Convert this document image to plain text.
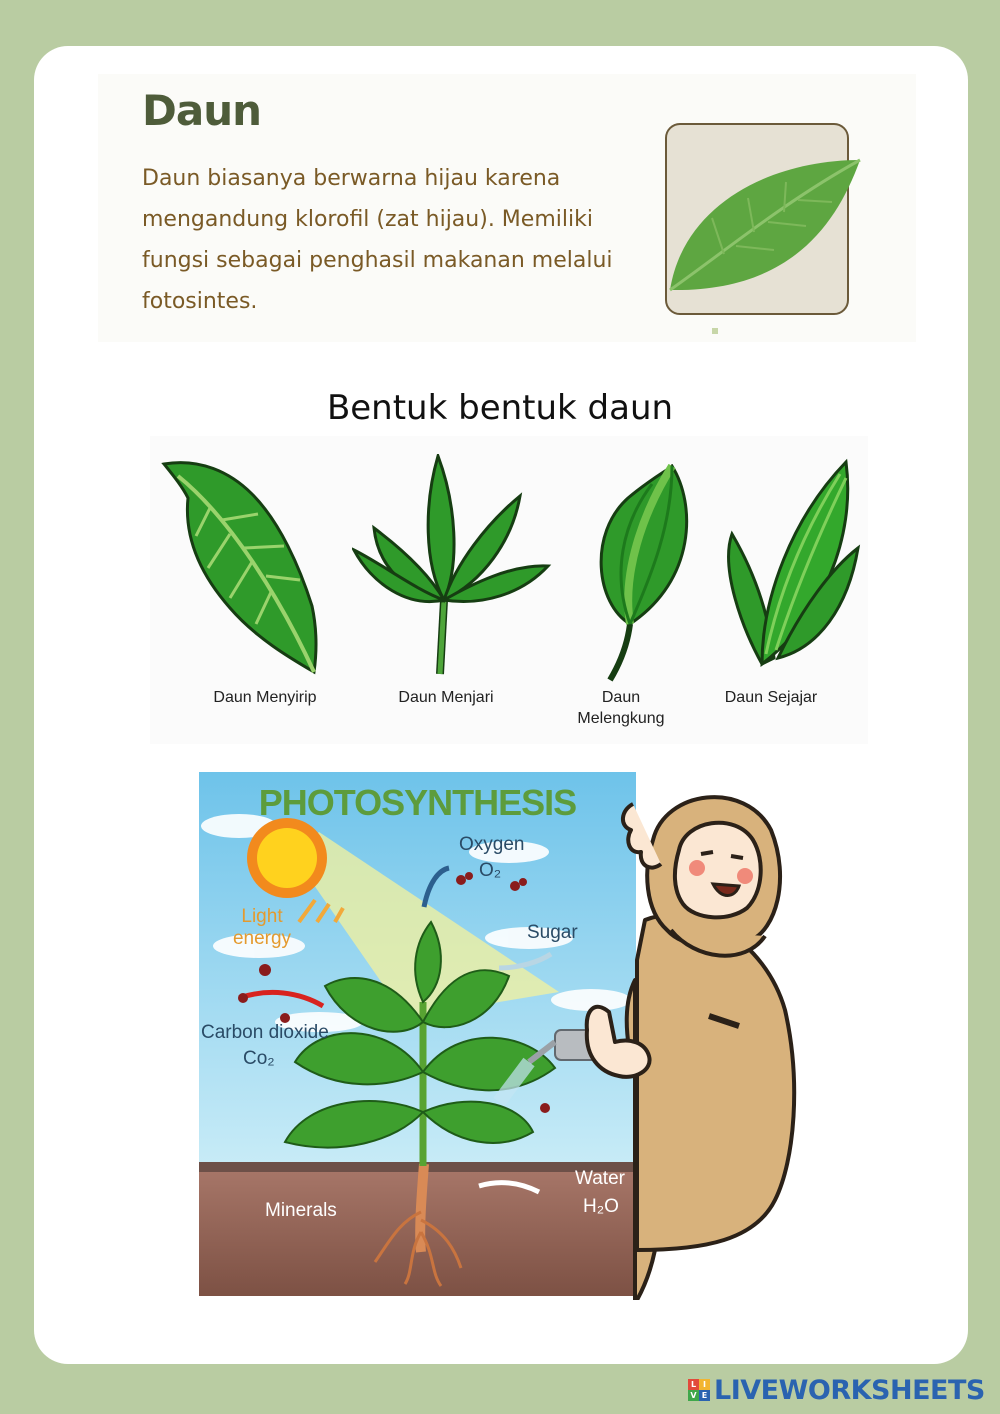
Daun
Daun biasanya berwarna hijau karena mengandung klorofil (zat hijau). Memiliki fungsi sebagai penghasil makanan melalui fotosintes.
Bentuk bentuk daun
Daun Menyirip	Daun Menjari	Daun Melengkung
Daun Sejajar
PHOTOSYNTHESIS
Oxygen
O₂
Sugar
Light energy
Carbon dioxide
Co₂
Water
H₂O
Minerals
L I
V E LIVEWORKSHEETS
